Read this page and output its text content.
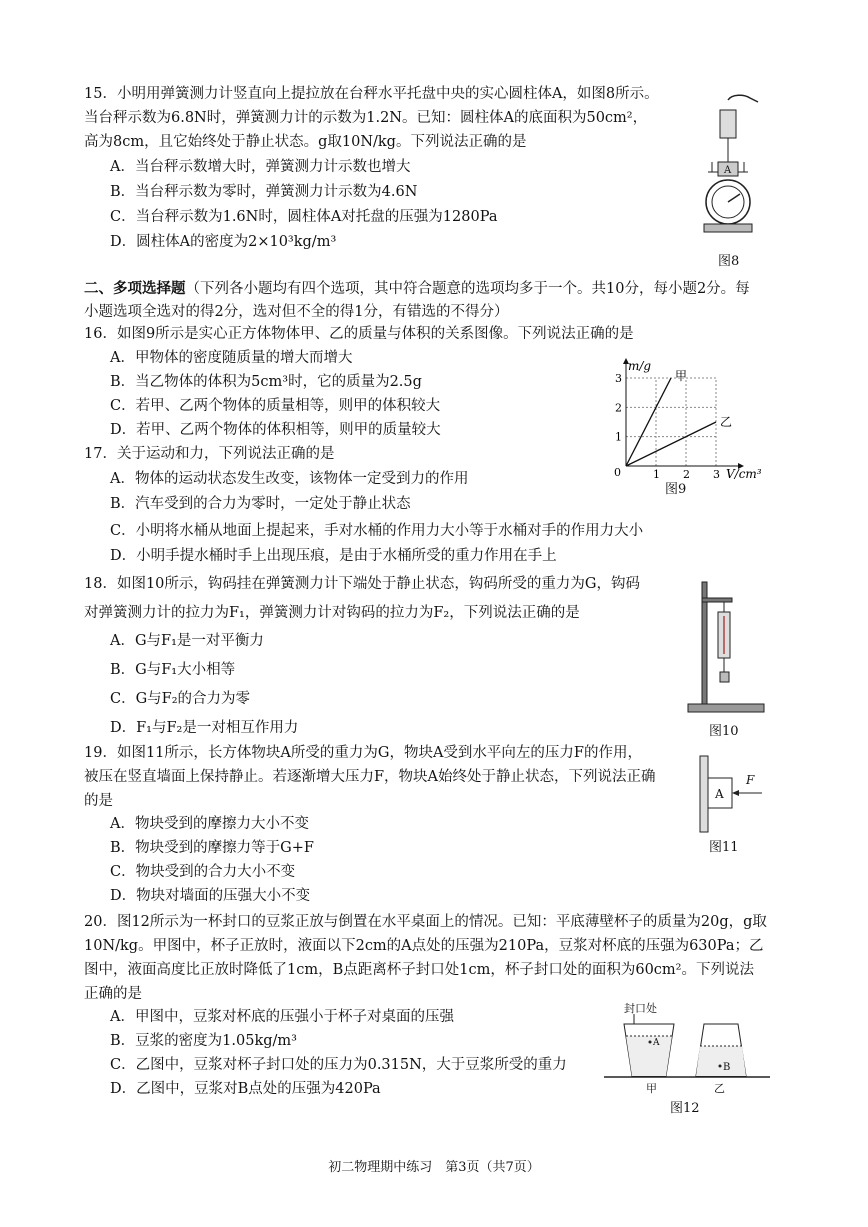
15．小明用弹簧测力计竖直向上提拉放在台秤水平托盘中央的实心圆柱体A，如图8所示。
当台秤示数为6.8N时，弹簧测力计的示数为1.2N。已知：圆柱体A的底面积为50cm²，
高为8cm，且它始终处于静止状态。g取10N/kg。下列说法正确的是
A．当台秤示数增大时，弹簧测力计示数也增大
B．当台秤示数为零时，弹簧测力计示数为4.6N
C．当台秤示数为1.6N时，圆柱体A对托盘的压强为1280Pa
D．圆柱体A的密度为2×10³kg/m³
A
图8
二、多项选择题（下列各小题均有四个选项，其中符合题意的选项均多于一个。共10分，每小题2分。每
小题选项全选对的得2分，选对但不全的得1分，有错选的不得分）
16．如图9所示是实心正方体物体甲、乙的质量与体积的关系图像。下列说法正确的是
A．甲物体的密度随质量的增大而增大
B．当乙物体的体积为5cm³时，它的质量为2.5g
C．若甲、乙两个物体的质量相等，则甲的体积较大
D．若甲、乙两个物体的体积相等，则甲的质量较大
1 2 3
1
2
3
0
m/g
V/cm³
甲
乙
图9
17．关于运动和力，下列说法正确的是
A．物体的运动状态发生改变，该物体一定受到力的作用
B．汽车受到的合力为零时，一定处于静止状态
C．小明将水桶从地面上提起来，手对水桶的作用力大小等于水桶对手的作用力大小
D．小明手提水桶时手上出现压痕，是由于水桶所受的重力作用在手上
18．如图10所示，钩码挂在弹簧测力计下端处于静止状态，钩码所受的重力为G，钩码
对弹簧测力计的拉力为F₁，弹簧测力计对钩码的拉力为F₂，下列说法正确的是
A．G与F₁是一对平衡力
B．G与F₁大小相等
C．G与F₂的合力为零
D．F₁与F₂是一对相互作用力	图10
19．如图11所示，长方体物块A所受的重力为G，物块A受到水平向左的压力F的作用，
被压在竖直墙面上保持静止。若逐渐增大压力F，物块A始终处于静止状态，下列说法正确
的是
A．物块受到的摩擦力大小不变
B．物块受到的摩擦力等于G+F
C．物块受到的合力大小不变
D．物块对墙面的压强大小不变
A
F
图11
20．图12所示为一杯封口的豆浆正放与倒置在水平桌面上的情况。已知：平底薄壁杯子的质量为20g，g取
10N/kg。甲图中，杯子正放时，液面以下2cm的A点处的压强为210Pa，豆浆对杯底的压强为630Pa；乙
图中，液面高度比正放时降低了1cm，B点距离杯子封口处1cm，杯子封口处的面积为60cm²。下列说法
正确的是
A．甲图中，豆浆对杯底的压强小于杯子对桌面的压强
B．豆浆的密度为1.05kg/m³
C．乙图中，豆浆对杯子封口处的压力为0.315N，大于豆浆所受的重力
D．乙图中，豆浆对B点处的压强为420Pa
封口处
A
B
甲	乙
图12
初二物理期中练习　第3页（共7页）
